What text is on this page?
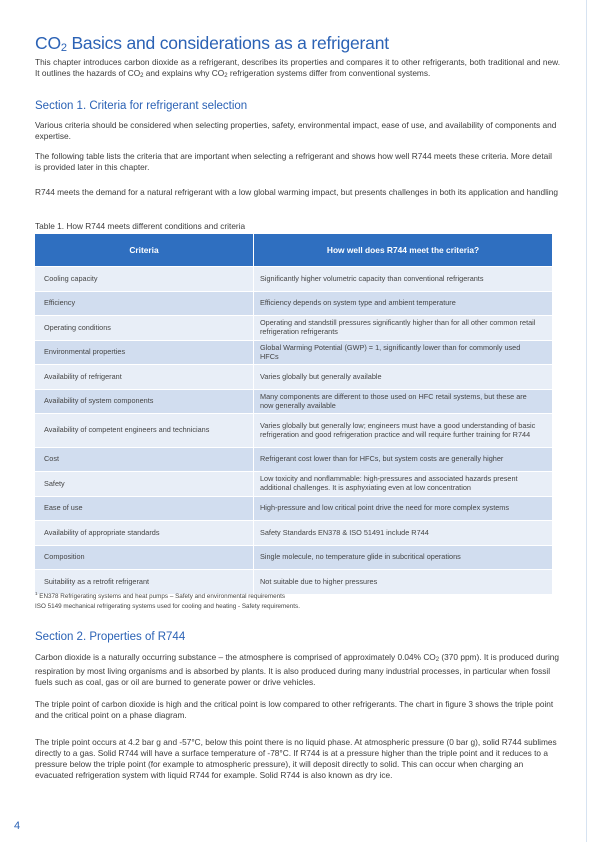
$CO_2$ Basics and considerations as a refrigerant

This chapter introduces carbon dioxide as a refrigerant, describes its properties and compares it to other refrigerants, both traditional and new. It outlines the hazards of $CO_2$ and explains why $CO_2$ refrigeration systems differ from conventional systems.

Section 1. Criteria for refrigerant selection

Various criteria should be considered when selecting properties, safety, environmental impact, ease of use, and availability of components and expertise.

The following table lists the criteria that are important when selecting a refrigerant and shows how well R744 meets these criteria. More detail is provided later in this chapter.

R744 meets the demand for a natural refrigerant with a low global warming impact, but presents challenges in both its application and handling

Table 1. How R744 meets different conditions and criteria
Criteria	How well does R744 meet the criteria?
Cooling capacity	Significantly higher volumetric capacity than conventional refrigerants
Efficiency	Efficiency depends on system type and ambient temperature
Operating conditions	Operating and standstill pressures significantly higher than for all other common retail refrigeration refrigerants
Environmental properties	Global Warming Potential (GWP) = 1, significantly lower than for commonly used HFCs
Availability of refrigerant	Varies globally but generally available
Availability of system components	Many components are different to those used on HFC retail systems, but these are now generally available
Availability of competent engineers and technicians	Varies globally but generally low; engineers must have a good understanding of basic refrigeration and good refrigeration practice and will require further training for R744
Cost	Refrigerant cost lower than for HFCs, but system costs are generally higher
Safety	Low toxicity and nonflammable: high-pressures and associated hazards present additional challenges. It is asphyxiating even at low concentration
Ease of use	High-pressure and low critical point drive the need for more complex systems
Availability of appropriate standards	Safety Standards EN378 & ISO 51491 include R744
Composition	Single molecule, no temperature glide in subcritical operations
Suitability as a retrofit refrigerant	Not suitable due to higher pressures
$^1$ EN378 Refrigerating systems and heat pumps – Safety and environmental requirements
ISO 5149 mechanical refrigerating systems used for cooling and heating - Safety requirements.
Section 2. Properties of R744

Carbon dioxide is a naturally occurring substance – the atmosphere is comprised of approximately 0.04% $CO_2$ (370 ppm). It is produced during respiration by most living organisms and is absorbed by plants. It is also produced during many industrial processes, in particular when fossil fuels such as coal, gas or oil are burned to generate power or drive vehicles.

The triple point of carbon dioxide is high and the critical point is low compared to other refrigerants. The chart in figure 3 shows the triple point and the critical point on a phase diagram.

The triple point occurs at 4.2 bar g and -57°C, below this point there is no liquid phase. At atmospheric pressure (0 bar g), solid R744 sublimes directly to a gas. Solid R744 will have a surface temperature of -78°C. If R744 is at a pressure higher than the triple point and it reduces to a pressure below the triple point (for example to atmospheric pressure), it will deposit directly to solid. This can occur when charging an evacuated refrigeration system with liquid R744 for example. Solid R744 is also known as dry ice.

4
